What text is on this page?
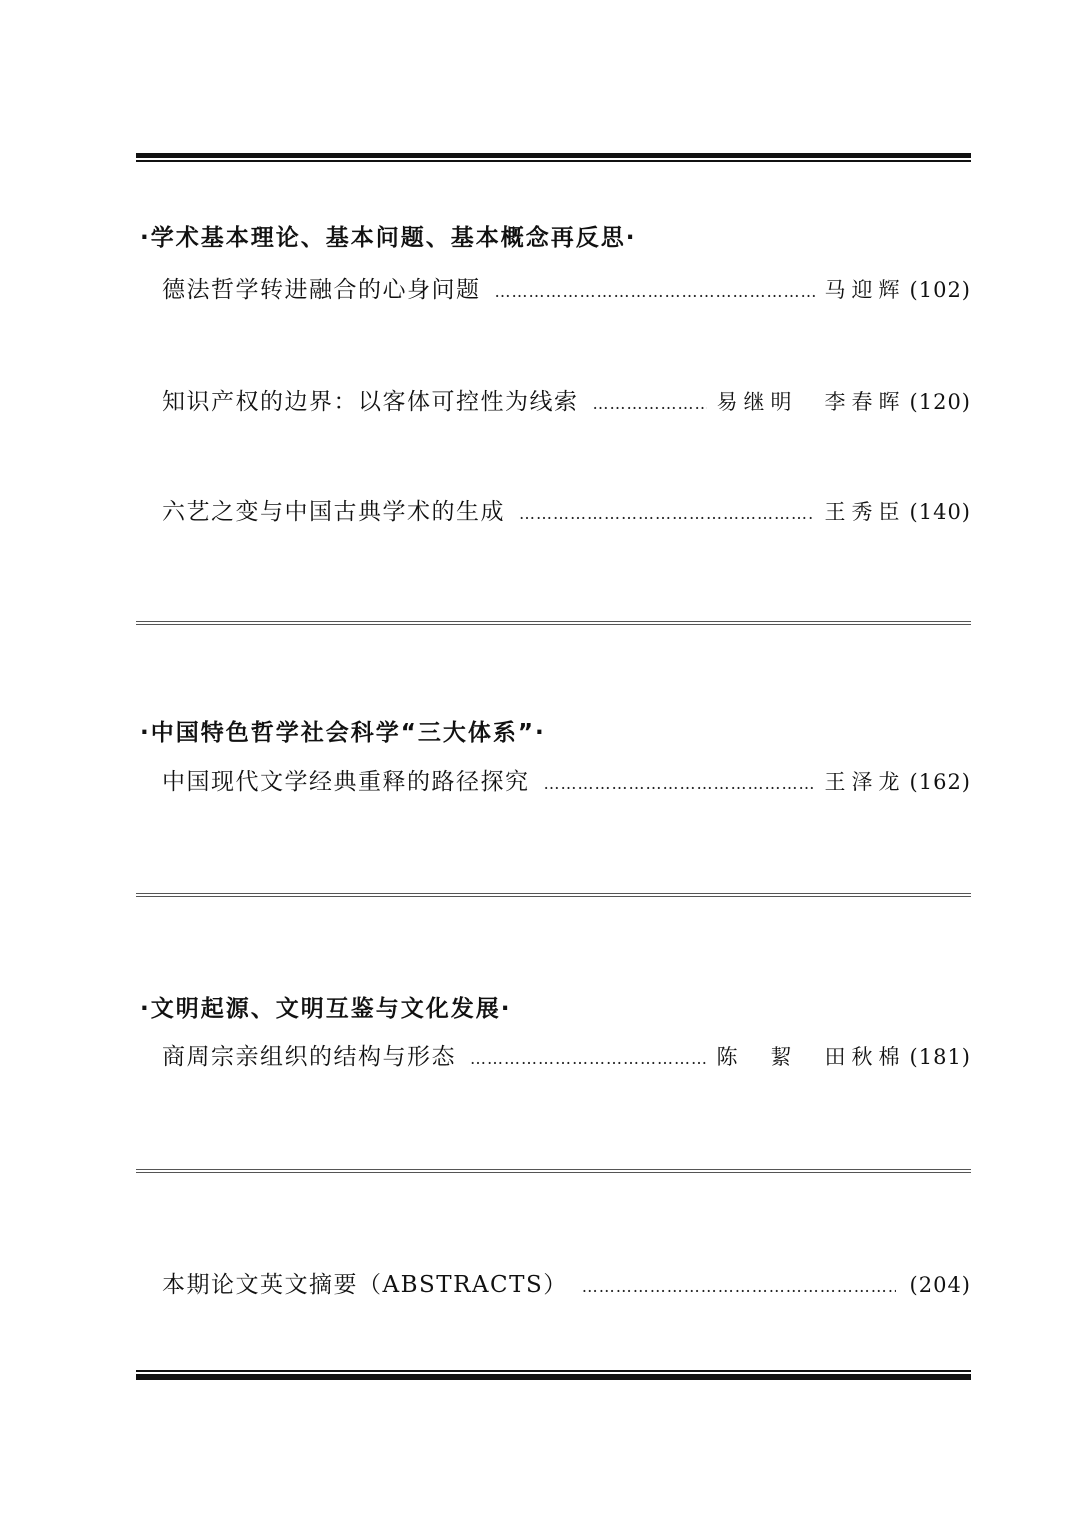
·学术基本理论、基本问题、基本概念再反思·
德法哲学转进融合的心身问题 ……………………………………………………………………………………………………………………………………	马迎辉 (102)
知识产权的边界：以客体可控性为线索 ……………………………………………………………………………………………………………………………………	易继明　李春晖 (120)
六艺之变与中国古典学术的生成 ……………………………………………………………………………………………………………………………………	王秀臣 (140)
·中国特色哲学社会科学“三大体系”·
中国现代文学经典重释的路径探究 ……………………………………………………………………………………………………………………………………	王泽龙 (162)
·文明起源、文明互鉴与文化发展·
商周宗亲组织的结构与形态 ……………………………………………………………………………………………………………………………………	陈　絜　田秋棉 (181)
本期论文英文摘要（ABSTRACTS） ……………………………………………………………………………………………………………………………………	(204)
